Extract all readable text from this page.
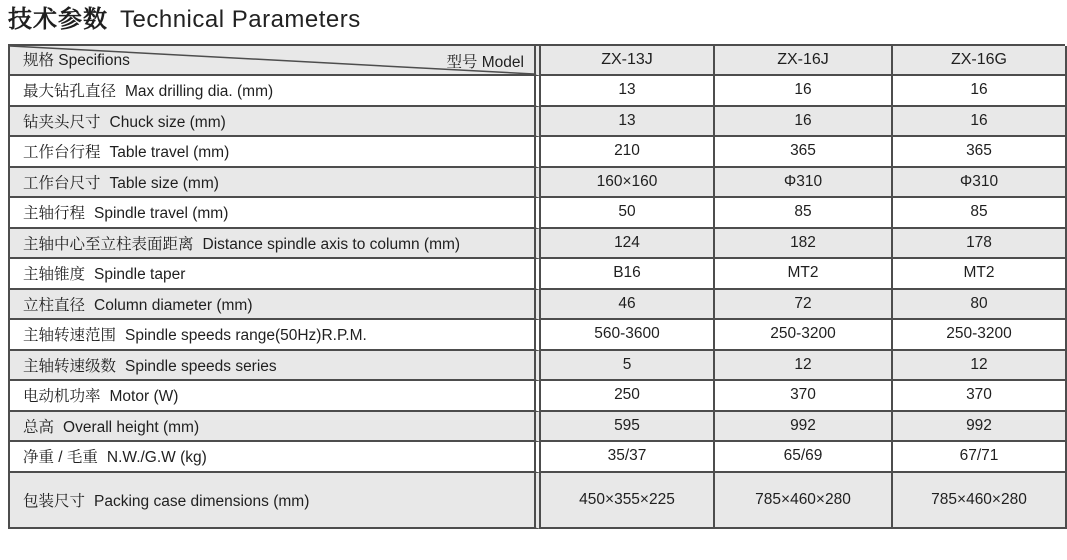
技术参数 Technical Parameters
规格 Specifions 型号 Model	ZX-13J	ZX-16J	ZX-16G
最大钻孔直径 Max drilling dia. (mm)	13	16	16
钻夹头尺寸 Chuck size (mm)	13	16	16
工作台行程 Table travel (mm)	210	365	365
工作台尺寸 Table size (mm)	160×160	Φ310	Φ310
主轴行程 Spindle travel (mm)	50	85	85
主轴中心至立柱表面距离 Distance spindle axis to column (mm)	124	182	178
主轴锥度 Spindle taper	B16	MT2	MT2
立柱直径 Column diameter (mm)	46	72	80
主轴转速范围 Spindle speeds range(50Hz)R.P.M.	560-3600	250-3200	250-3200
主轴转速级数 Spindle speeds series	5	12	12
电动机功率 Motor (W)	250	370	370
总高 Overall height (mm)	595	992	992
净重 / 毛重 N.W./G.W (kg)	35/37	65/69	67/71
包装尺寸 Packing case dimensions (mm)	450×355×225	785×460×280	785×460×280
